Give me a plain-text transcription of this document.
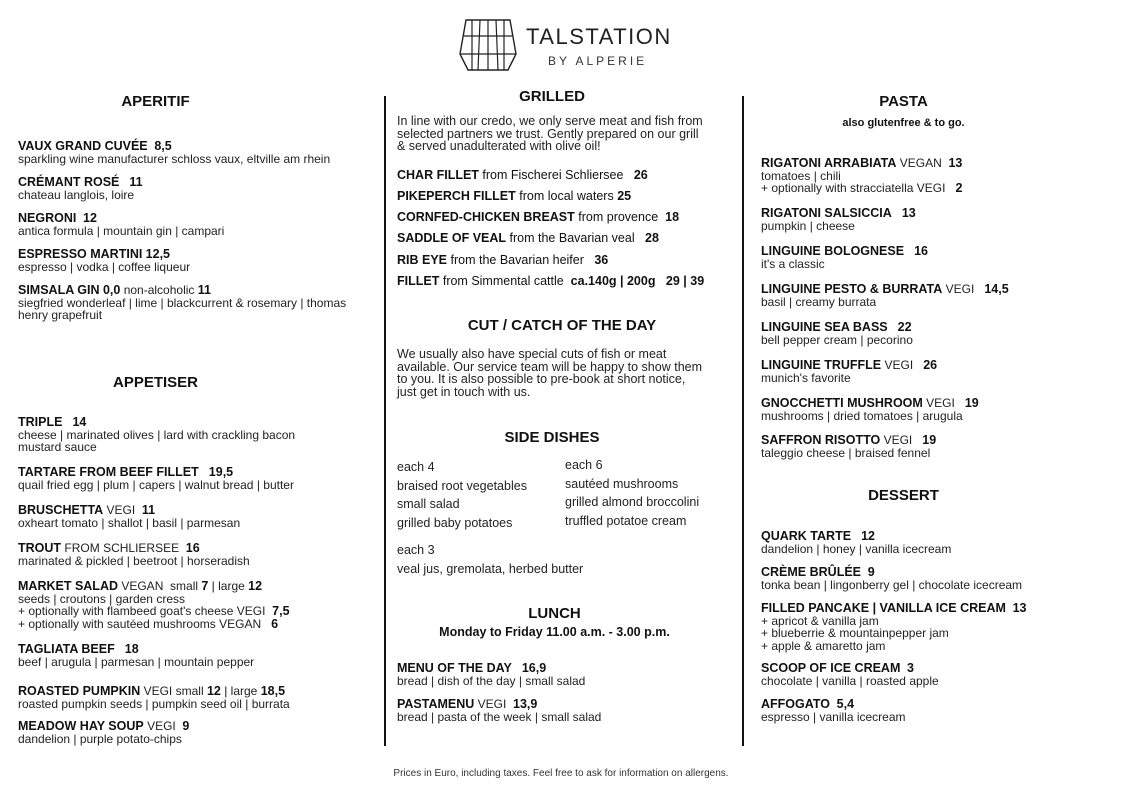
TALSTATION
BY ALPERIE
APERITIF
VAUX GRAND CUVÉE 8,5
sparkling wine manufacturer schloss vaux, eltville am rhein
CRÉMANT ROSÉ 11
chateau langlois, loire
NEGRONI 12
antica formula | mountain gin | campari
ESPRESSO MARTINI 12,5
espresso | vodka | coffee liqueur
SIMSALA GIN 0,0 non-alcoholic 11
siegfried wonderleaf | lime | blackcurrent & rosemary | thomas
henry grapefruit
APPETISER
TRIPLE 14
cheese | marinated olives | lard with crackling bacon
mustard sauce
TARTARE FROM BEEF FILLET 19,5
quail fried egg | plum | capers | walnut bread | butter
BRUSCHETTA VEGI 11
oxheart tomato | shallot | basil | parmesan
TROUT FROM SCHLIERSEE 16
marinated & pickled | beetroot | horseradish
MARKET SALAD VEGAN small 7 | large 12
seeds | croutons | garden cress
+ optionally with flambeed goat's cheese VEGI 7,5
+ optionally with sautéed mushrooms VEGAN 6
TAGLIATA BEEF 18
beef | arugula | parmesan | mountain pepper
ROASTED PUMPKIN VEGI small 12 | large 18,5
roasted pumpkin seeds | pumpkin seed oil | burrata
MEADOW HAY SOUP VEGI 9
dandelion | purple potato-chips
GRILLED
In line with our credo, we only serve meat and fish from
selected partners we trust. Gently prepared on our grill
& served unadulterated with olive oil!
CHAR FILLET from Fischerei Schliersee 26
PIKEPERCH FILLET from local waters 25
CORNFED-CHICKEN BREAST from provence 18
SADDLE OF VEAL from the Bavarian veal 28
RIB EYE from the Bavarian heifer 36
FILLET from Simmental cattle ca.140g | 200g   29 | 39
CUT / CATCH OF THE DAY
We usually also have special cuts of fish or meat
available. Our service team will be happy to show them
to you. It is also possible to pre-book at short notice,
just get in touch with us.
SIDE DISHES
each 4

braised root vegetables

small salad

grilled baby potatoes
each 6

sautéed mushrooms

grilled almond broccolini

truffled potatoe cream
each 3

veal jus, gremolata, herbed butter
LUNCH
Monday to Friday 11.00 a.m. - 3.00 p.m.
MENU OF THE DAY 16,9
bread | dish of the day | small salad
PASTAMENU VEGI 13,9
bread | pasta of the week | small salad
PASTA
also glutenfree & to go.
RIGATONI ARRABIATA VEGAN 13
tomatoes | chili
+ optionally with stracciatella VEGI 2
RIGATONI SALSICCIA 13
pumpkin | cheese
LINGUINE BOLOGNESE 16
it's a classic
LINGUINE PESTO & BURRATA VEGI 14,5
basil | creamy burrata
LINGUINE SEA BASS 22
bell pepper cream | pecorino
LINGUINE TRUFFLE VEGI 26
munich's favorite
GNOCCHETTI MUSHROOM VEGI 19
mushrooms | dried tomatoes | arugula
SAFFRON RISOTTO VEGI 19
taleggio cheese | braised fennel
DESSERT
QUARK TARTE 12
dandelion | honey | vanilla icecream
CRÈME BRÛLÉE 9
tonka bean | lingonberry gel | chocolate icecream
FILLED PANCAKE | VANILLA ICE CREAM 13
+ apricot & vanilla jam
+ blueberrie & mountainpepper jam
+ apple & amaretto jam
SCOOP OF ICE CREAM 3
chocolate | vanilla | roasted apple
AFFOGATO 5,4
espresso | vanilla icecream
Prices in Euro, including taxes. Feel free to ask for information on allergens.
